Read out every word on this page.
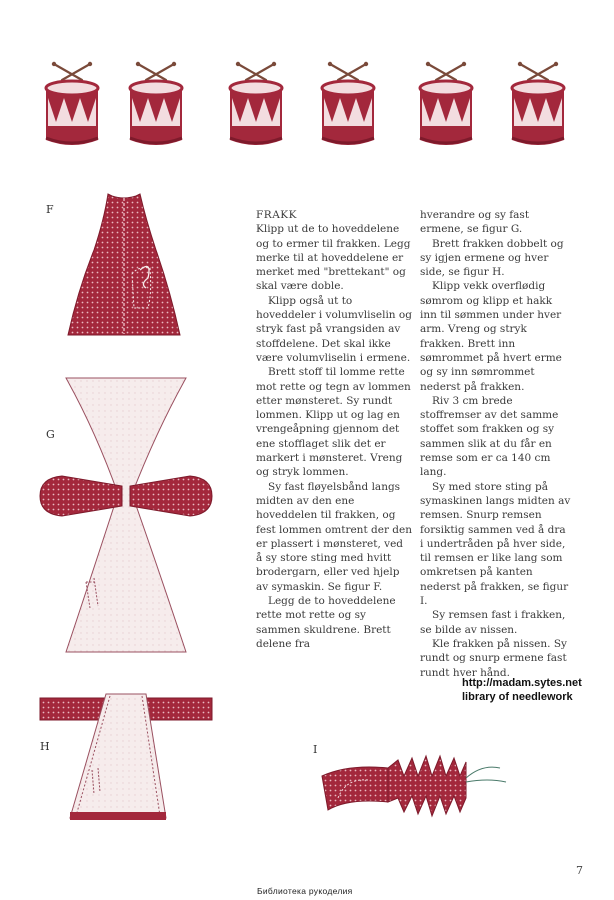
F
G
H	I

FRAKK

Klipp ut de to hoveddelene og to ermer til frakken. Legg merke til at hoveddelene er merket med "brettekant" og skal være doble.

Klipp også ut to hoveddeler i volumvliselin og stryk fast på vrangsiden av stoffdelene. Det skal ikke være volumvliselin i ermene.

Brett stoff til lomme rette mot rette og tegn av lommen etter mønsteret. Sy rundt lommen. Klipp ut og lag en vrengeåpning gjennom det ene stofflaget slik det er markert i mønsteret. Vreng og stryk lommen.

Sy fast fløyelsbånd langs midten av den ene hoveddelen til frakken, og fest lommen omtrent der den er plassert i mønsteret, ved å sy store sting med hvitt brodergarn, eller ved hjelp av symaskin. Se figur F.

Legg de to hoveddelene rette mot rette og sy sammen skuldrene. Brett delene fra

hverandre og sy fast ermene, se figur G.

Brett frakken dobbelt og sy igjen ermene og hver side, se figur H.

Klipp vekk overflødig sømrom og klipp et hakk inn til sømmen under hver arm. Vreng og stryk frakken. Brett inn sømrommet på hvert erme og sy inn sømrommet nederst på frakken.

Riv 3 cm brede stoffremser av det samme stoffet som frakken og sy sammen slik at du får en remse som er ca 140 cm lang.

Sy med store sting på symaskinen langs midten av remsen. Snurp remsen forsiktig sammen ved å dra i undertråden på hver side, til remsen er like lang som omkretsen på kanten nederst på frakken, se figur I.

Sy remsen fast i frakken, se bilde av nissen.

Kle frakken på nissen. Sy rundt og snurp ermene fast rundt hver hånd.

http://madam.sytes.net
library of needlework
7
Библиотека рукоделия
